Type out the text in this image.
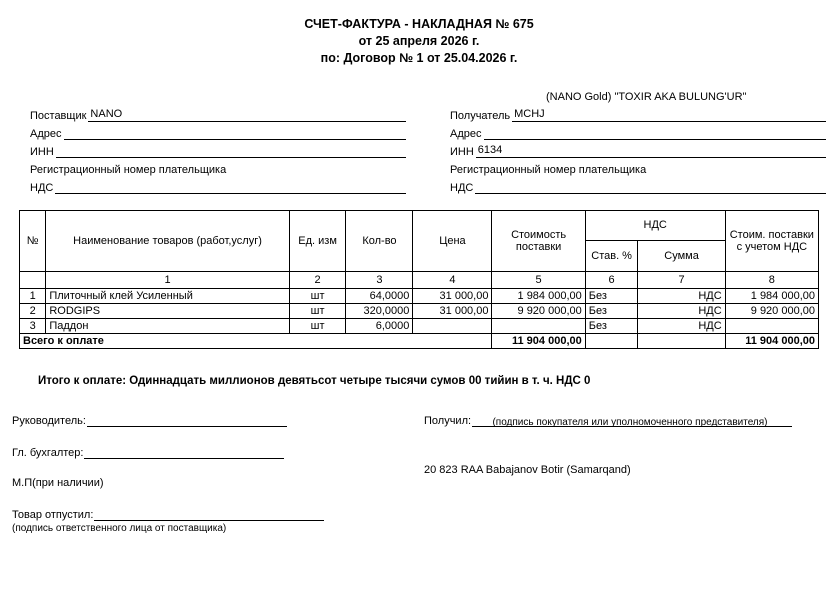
СЧЕТ-ФАКТУРА - НАКЛАДНАЯ № 675
от 25 апреля 2026 г.
по: Договор № 1 от 25.04.2026 г.
Поставщик NANO
Адрес
ИНН
Регистрационный номер плательщика
НДС
(NANO Gold) "TOXIR AKA BULUNG'UR"
Получатель MCHJ
Адрес
ИНН 6134
Регистрационный номер плательщика
НДС
№	Наименование товаров (работ,услуг)	Ед. изм	Кол-во	Цена	Стоимость поставки	НДС		Стоим. поставки с учетом НДС
						Став. %	Сумма	
	1	2	3	4	5	6	7	8
1	Плиточный клей Усиленный	шт	64,0000	31 000,00	1 984 000,00	Без	НДС	1 984 000,00
2	RODGIPS	шт	320,0000	31 000,00	9 920 000,00	Без	НДС	9 920 000,00
3	Паддон	шт	6,0000			Без	НДС	
Всего к оплате					11 904 000,00			11 904 000,00
Итого к оплате: Одиннадцать миллионов девятьсот четыре тысячи сумов 00 тийин в т. ч. НДС 0
Руководитель:
Гл. бухгалтер:
М.П(при наличии)
Товар отпустил:
(подпись ответственного лица от поставщика)
Получил:	(подпись покупателя или уполномоченного представителя)
20 823 RAA Babajanov Botir (Samarqand)
